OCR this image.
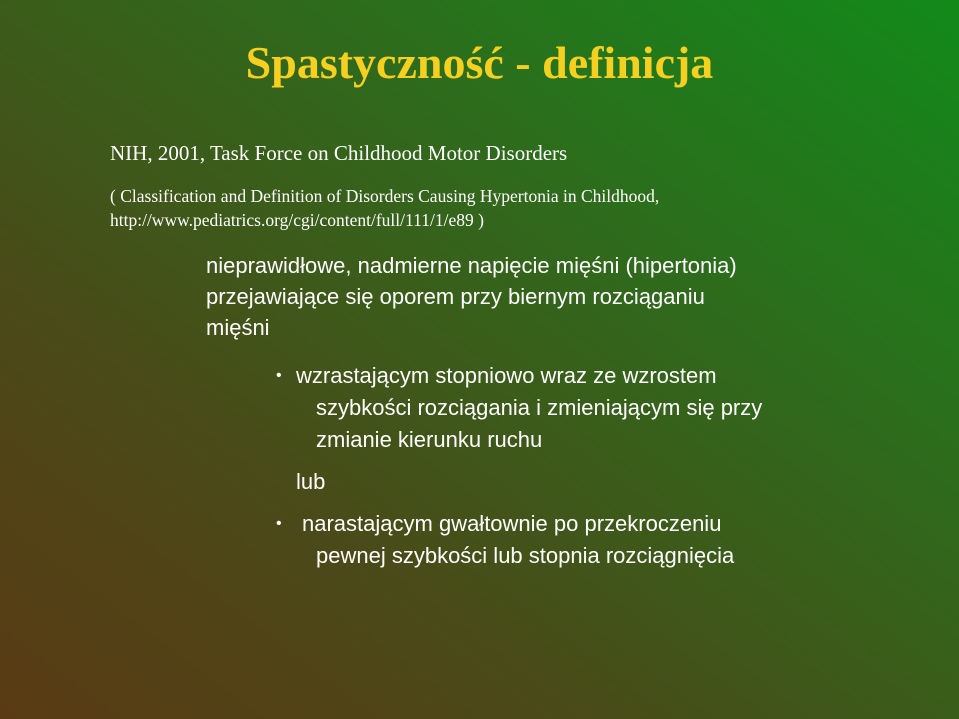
Spastyczność - definicja
NIH, 2001, Task Force on Childhood Motor Disorders
( Classification and Definition of Disorders Causing Hypertonia in Childhood,
http://www.pediatrics.org/cgi/content/full/111/1/e89 )
nieprawidłowe, nadmierne napięcie mięśni (hipertonia)
przejawiające się oporem przy biernym rozciąganiu
mięśni
• wzrastającym stopniowo wraz ze wzrostem
szybkości rozciągania i zmieniającym się przy
zmianie kierunku ruchu
lub
• narastającym gwałtownie po przekroczeniu
pewnej szybkości lub stopnia rozciągnięcia
